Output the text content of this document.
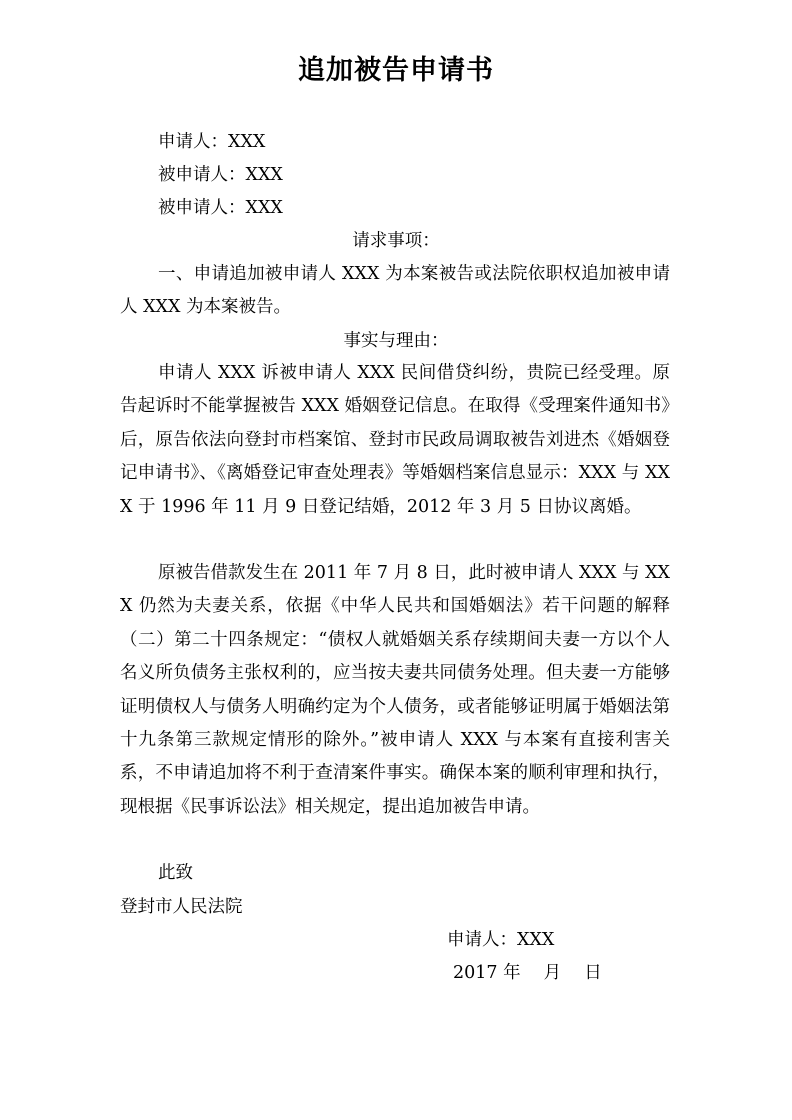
追加被告申请书
申请人：XXX
被申请人：XXX
被申请人：XXX
请求事项：
一、申请追加被申请人 XXX 为本案被告或法院依职权追加被申请人 XXX 为本案被告。
事实与理由：
申请人 XXX 诉被申请人 XXX 民间借贷纠纷，贵院已经受理。原告起诉时不能掌握被告 XXX 婚姻登记信息。在取得《受理案件通知书》后，原告依法向登封市档案馆、登封市民政局调取被告刘进杰《婚姻登记申请书》、《离婚登记审查处理表》等婚姻档案信息显示：XXX 与 XXX 于 1996 年 11 月 9 日登记结婚，2012 年 3 月 5 日协议离婚。
原被告借款发生在 2011 年 7 月 8 日，此时被申请人 XXX 与 XXX 仍然为夫妻关系，依据《中华人民共和国婚姻法》若干问题的解释（二）第二十四条规定：“债权人就婚姻关系存续期间夫妻一方以个人名义所负债务主张权利的，应当按夫妻共同债务处理。但夫妻一方能够证明债权人与债务人明确约定为个人债务，或者能够证明属于婚姻法第十九条第三款规定情形的除外。”被申请人 XXX 与本案有直接利害关系，不申请追加将不利于查清案件事实。确保本案的顺利审理和执行，现根据《民事诉讼法》相关规定，提出追加被告申请。
此致
登封市人民法院
申请人：XXX
2017 年　 月　 日
